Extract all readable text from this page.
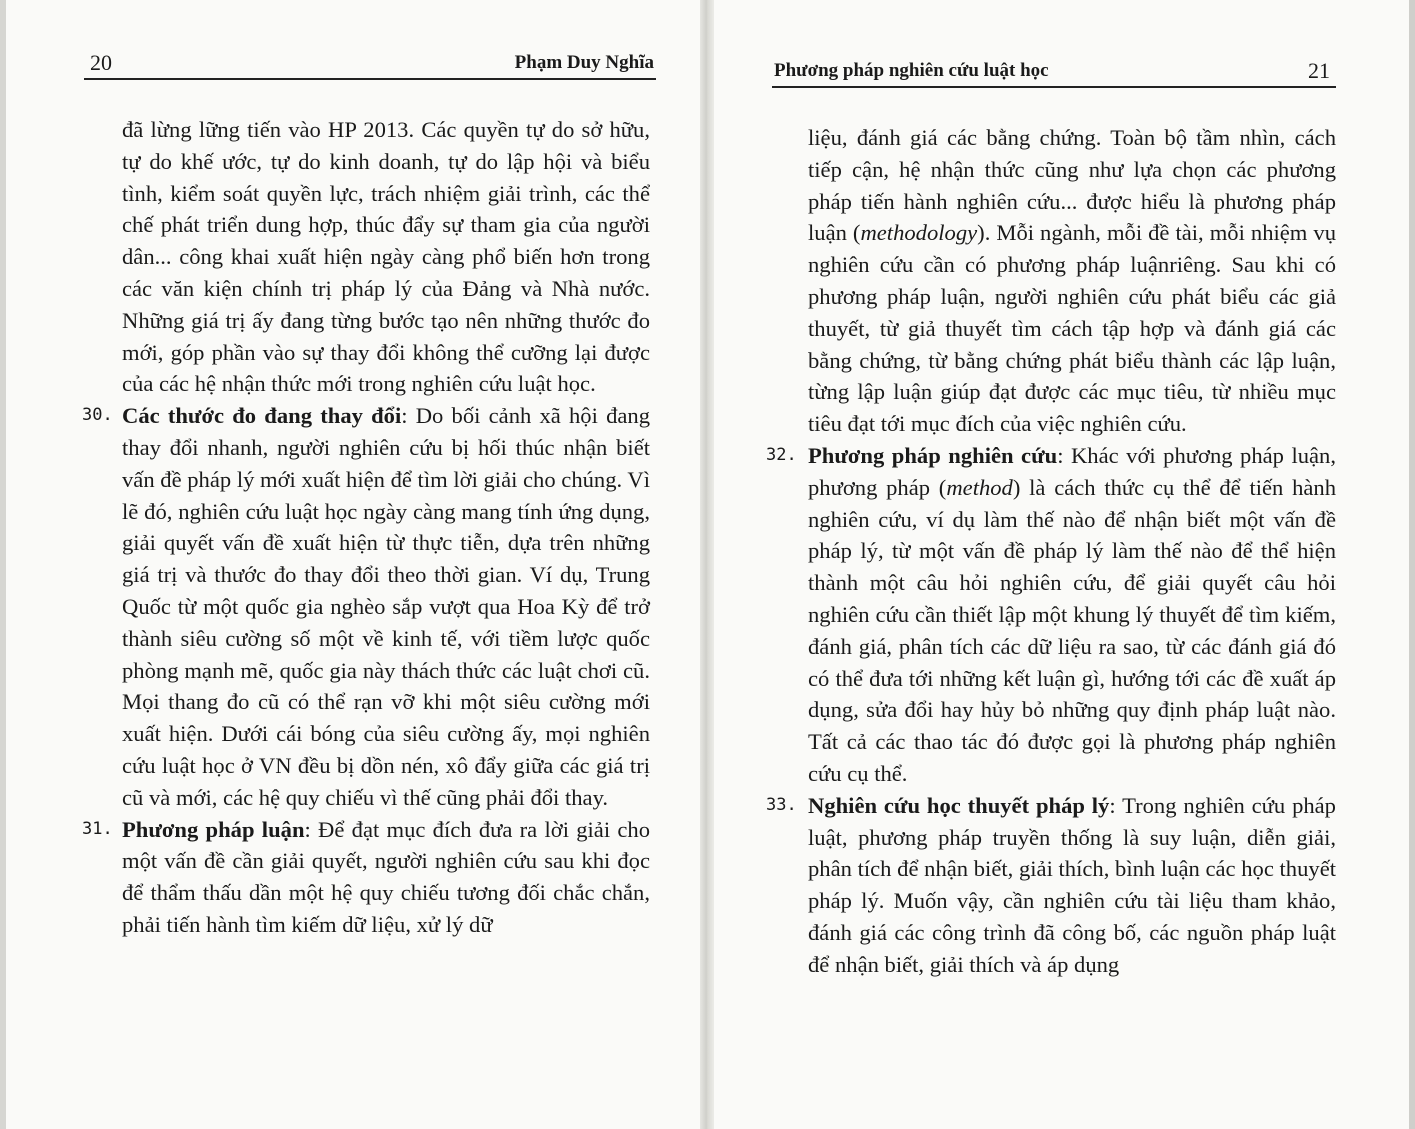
20	Phạm Duy Nghĩa

đã lừng lững tiến vào HP 2013. Các quyền tự do sở hữu, tự do khế ước, tự do kinh doanh, tự do lập hội và biểu tình, kiểm soát quyền lực, trách nhiệm giải trình, các thể chế phát triển dung hợp, thúc đẩy sự tham gia của người dân... công khai xuất hiện ngày càng phổ biến hơn trong các văn kiện chính trị pháp lý của Đảng và Nhà nước. Những giá trị ấy đang từng bước tạo nên những thước đo mới, góp phần vào sự thay đổi không thể cưỡng lại được của các hệ nhận thức mới trong nghiên cứu luật học.

30. Các thước đo đang thay đổi: Do bối cảnh xã hội đang thay đổi nhanh, người nghiên cứu bị hối thúc nhận biết vấn đề pháp lý mới xuất hiện để tìm lời giải cho chúng. Vì lẽ đó, nghiên cứu luật học ngày càng mang tính ứng dụng, giải quyết vấn đề xuất hiện từ thực tiễn, dựa trên những giá trị và thước đo thay đổi theo thời gian. Ví dụ, Trung Quốc từ một quốc gia nghèo sắp vượt qua Hoa Kỳ để trở thành siêu cường số một về kinh tế, với tiềm lược quốc phòng mạnh mẽ, quốc gia này thách thức các luật chơi cũ. Mọi thang đo cũ có thể rạn vỡ khi một siêu cường mới xuất hiện. Dưới cái bóng của siêu cường ấy, mọi nghiên cứu luật học ở VN đều bị dồn nén, xô đẩy giữa các giá trị cũ và mới, các hệ quy chiếu vì thế cũng phải đổi thay.

31. Phương pháp luận: Để đạt mục đích đưa ra lời giải cho một vấn đề cần giải quyết, người nghiên cứu sau khi đọc để thẩm thấu dần một hệ quy chiếu tương đối chắc chắn, phải tiến hành tìm kiếm dữ liệu, xử lý dữ

Phương pháp nghiên cứu luật học	21

liệu, đánh giá các bằng chứng. Toàn bộ tầm nhìn, cách tiếp cận, hệ nhận thức cũng như lựa chọn các phương pháp tiến hành nghiên cứu... được hiểu là phương pháp luận (methodology). Mỗi ngành, mỗi đề tài, mỗi nhiệm vụ nghiên cứu cần có phương pháp luậnriêng. Sau khi có phương pháp luận, người nghiên cứu phát biểu các giả thuyết, từ giả thuyết tìm cách tập hợp và đánh giá các bằng chứng, từ bằng chứng phát biểu thành các lập luận, từng lập luận giúp đạt được các mục tiêu, từ nhiều mục tiêu đạt tới mục đích của việc nghiên cứu.

32. Phương pháp nghiên cứu: Khác với phương pháp luận, phương pháp (method) là cách thức cụ thể để tiến hành nghiên cứu, ví dụ làm thế nào để nhận biết một vấn đề pháp lý, từ một vấn đề pháp lý làm thế nào để thể hiện thành một câu hỏi nghiên cứu, để giải quyết câu hỏi nghiên cứu cần thiết lập một khung lý thuyết để tìm kiếm, đánh giá, phân tích các dữ liệu ra sao, từ các đánh giá đó có thể đưa tới những kết luận gì, hướng tới các đề xuất áp dụng, sửa đổi hay hủy bỏ những quy định pháp luật nào. Tất cả các thao tác đó được gọi là phương pháp nghiên cứu cụ thể.

33. Nghiên cứu học thuyết pháp lý: Trong nghiên cứu pháp luật, phương pháp truyền thống là suy luận, diễn giải, phân tích để nhận biết, giải thích, bình luận các học thuyết pháp lý. Muốn vậy, cần nghiên cứu tài liệu tham khảo, đánh giá các công trình đã công bố, các nguồn pháp luật để nhận biết, giải thích và áp dụng
